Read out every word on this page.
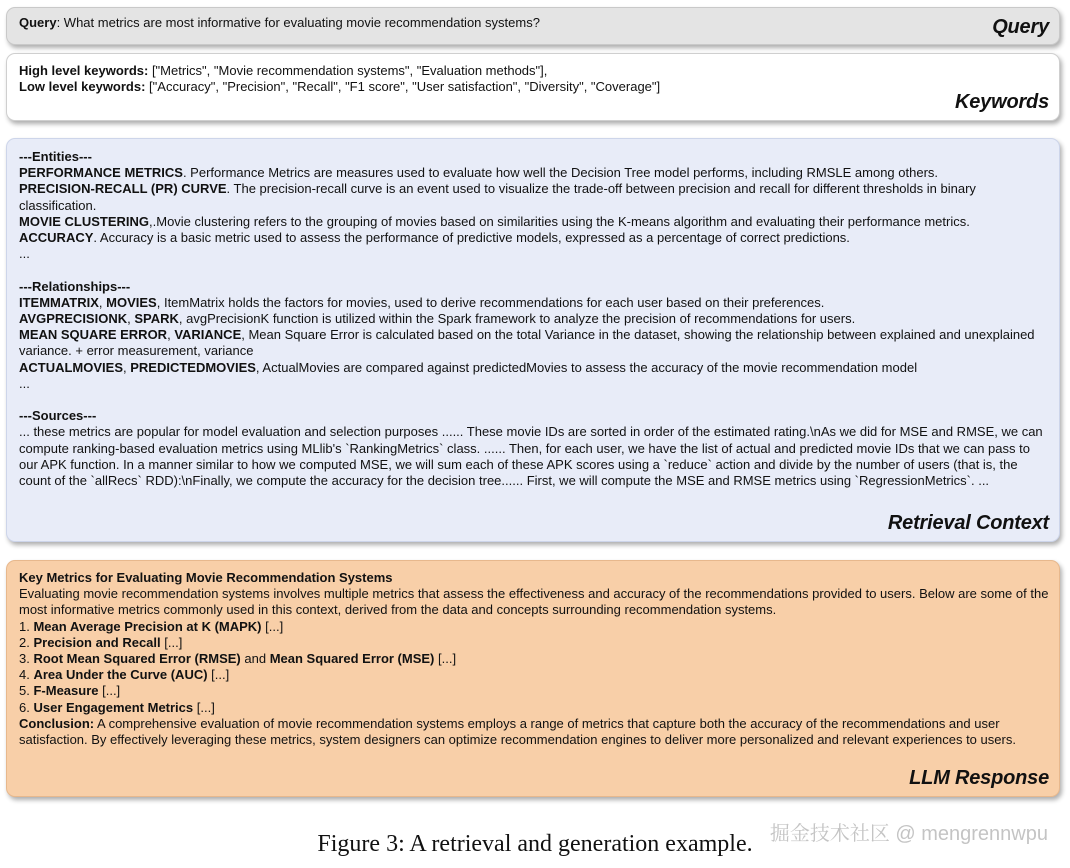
Query: What metrics are most informative for evaluating movie recommendation systems?	Query
High level keywords: ["Metrics", "Movie recommendation systems", "Evaluation methods"],
Low level keywords: ["Accuracy", "Precision", "Recall", "F1 score", "User satisfaction", "Diversity", "Coverage"]
Keywords
---Entities---
PERFORMANCE METRICS. Performance Metrics are measures used to evaluate how well the Decision Tree model performs, including RMSLE among others.
PRECISION-RECALL (PR) CURVE. The precision-recall curve is an event used to visualize the trade-off between precision and recall for different thresholds in binary classification.
MOVIE CLUSTERING,.Movie clustering refers to the grouping of movies based on similarities using the K-means algorithm and evaluating their performance metrics.
ACCURACY. Accuracy is a basic metric used to assess the performance of predictive models, expressed as a percentage of correct predictions.
...
---Relationships---
ITEMMATRIX, MOVIES, ItemMatrix holds the factors for movies, used to derive recommendations for each user based on their preferences.
AVGPRECISIONK, SPARK, avgPrecisionK function is utilized within the Spark framework to analyze the precision of recommendations for users.
MEAN SQUARE ERROR, VARIANCE, Mean Square Error is calculated based on the total Variance in the dataset, showing the relationship between explained and unexplained variance. + error measurement, variance
ACTUALMOVIES, PREDICTEDMOVIES, ActualMovies are compared against predictedMovies to assess the accuracy of the movie recommendation model
...
---Sources---
... these metrics are popular for model evaluation and selection purposes ...... These movie IDs are sorted in order of the estimated rating.\nAs we did for MSE and RMSE, we can compute ranking-based evaluation metrics using MLlib's `RankingMetrics` class. ...... Then, for each user, we have the list of actual and predicted movie IDs that we can pass to our APK function. In a manner similar to how we computed MSE, we will sum each of these APK scores using a `reduce` action and divide by the number of users (that is, the count of the `allRecs` RDD):\nFinally, we compute the accuracy for the decision tree...... First, we will compute the MSE and RMSE metrics using `RegressionMetrics`. ...
Retrieval Context
Key Metrics for Evaluating Movie Recommendation Systems
Evaluating movie recommendation systems involves multiple metrics that assess the effectiveness and accuracy of the recommendations provided to users. Below are some of the most informative metrics commonly used in this context, derived from the data and concepts surrounding recommendation systems.
1. Mean Average Precision at K (MAPK) [...]
2. Precision and Recall [...]
3. Root Mean Squared Error (RMSE) and Mean Squared Error (MSE) [...]
4. Area Under the Curve (AUC) [...]
5. F-Measure [...]
6. User Engagement Metrics [...]
Conclusion: A comprehensive evaluation of movie recommendation systems employs a range of metrics that capture both the accuracy of the recommendations and user satisfaction. By effectively leveraging these metrics, system designers can optimize recommendation engines to deliver more personalized and relevant experiences to users.
LLM Response
Figure 3: A retrieval and generation example. 掘金技术社区 @ mengrennwpu
